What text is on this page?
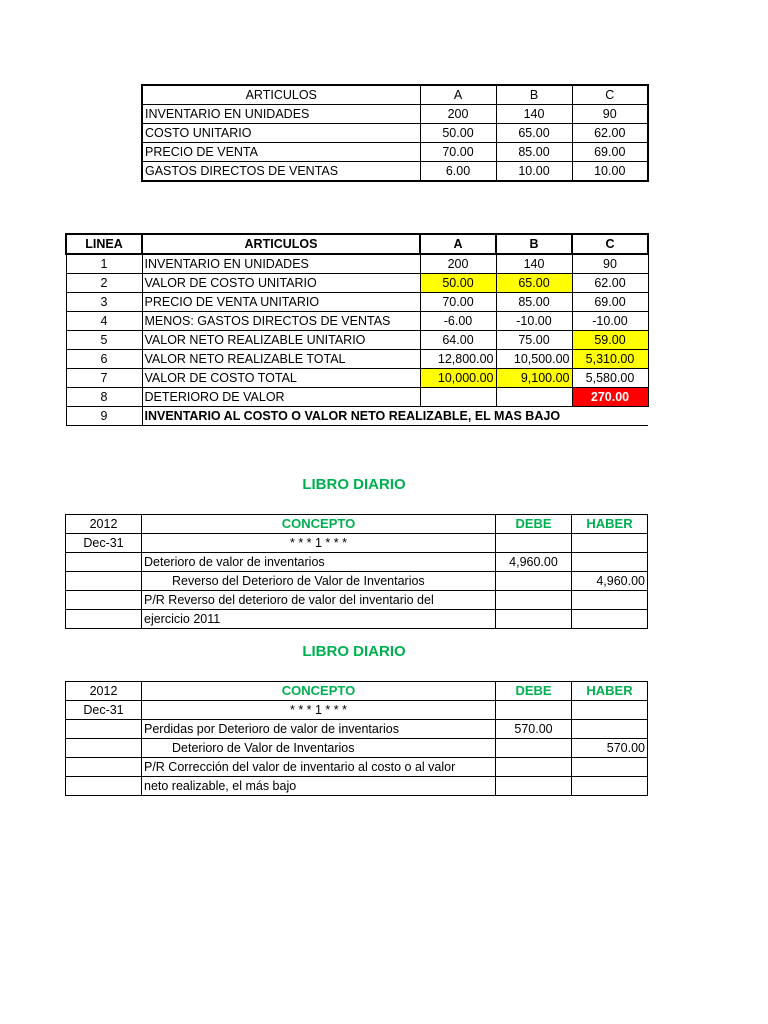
ARTICULOS	A	B	C
INVENTARIO EN UNIDADES	200	140	90
COSTO UNITARIO	50.00	65.00	62.00
PRECIO DE VENTA	70.00	85.00	69.00
GASTOS DIRECTOS DE VENTAS	6.00	10.00	10.00
LINEA	ARTICULOS	A	B	C
1	INVENTARIO EN UNIDADES	200	140	90
2	VALOR DE COSTO UNITARIO	50.00	65.00	62.00
3	PRECIO DE VENTA UNITARIO	70.00	85.00	69.00
4	MENOS: GASTOS DIRECTOS DE VENTAS	-6.00	-10.00	-10.00
5	VALOR NETO REALIZABLE UNITARIO	64.00	75.00	59.00
6	VALOR NETO REALIZABLE TOTAL	12,800.00	10,500.00	5,310.00
7	VALOR DE COSTO TOTAL	10,000.00	9,100.00	5,580.00
8	DETERIORO DE VALOR			270.00
9	INVENTARIO AL COSTO O VALOR NETO REALIZABLE, EL MAS BAJO			
LIBRO DIARIO
2012	CONCEPTO	DEBE	HABER
Dec-31	* * * 1 * * *		
	Deterioro de valor de inventarios	4,960.00	
	Reverso del Deterioro de Valor de Inventarios		4,960.00
	P/R Reverso del deterioro de valor del inventario del		
	ejercicio 2011		
LIBRO DIARIO
2012	CONCEPTO	DEBE	HABER
Dec-31	* * * 1 * * *		
	Perdidas por Deterioro de valor de inventarios	570.00	
	Deterioro de Valor de Inventarios		570.00
	P/R Corrección del valor de inventario al costo o al valor		
	neto realizable, el más bajo		
